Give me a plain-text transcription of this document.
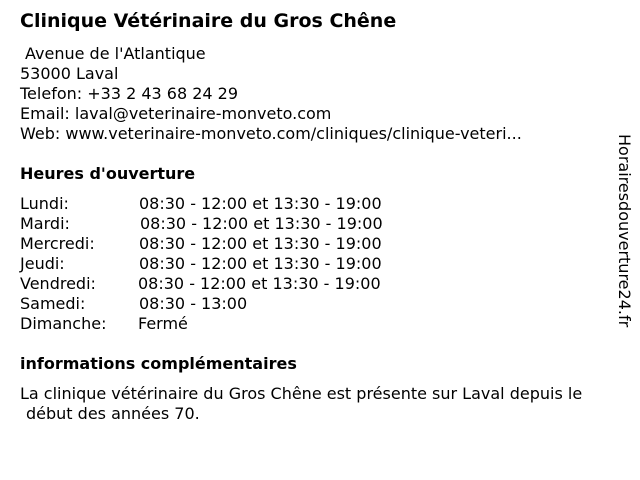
Clinique Vétérinaire du Gros Chêne
Avenue de l'Atlantique
53000 Laval
Telefon: +33 2 43 68 24 29
Email: laval@veterinaire-monveto.com
Web: www.veterinaire-monveto.com/cliniques/clinique-veteri...
Heures d'ouverture
Lundi:	08:30 - 12:00 et 13:30 - 19:00
Mardi:	08:30 - 12:00 et 13:30 - 19:00
Mercredi:	08:30 - 12:00 et 13:30 - 19:00
Jeudi:	08:30 - 12:00 et 13:30 - 19:00
Vendredi:	08:30 - 12:00 et 13:30 - 19:00
Samedi:	08:30 - 13:00
Dimanche: Fermé
informations complémentaires
La clinique vétérinaire du Gros Chêne est présente sur Laval depuis le
début des années 70.
Horairesdouverture24.fr
